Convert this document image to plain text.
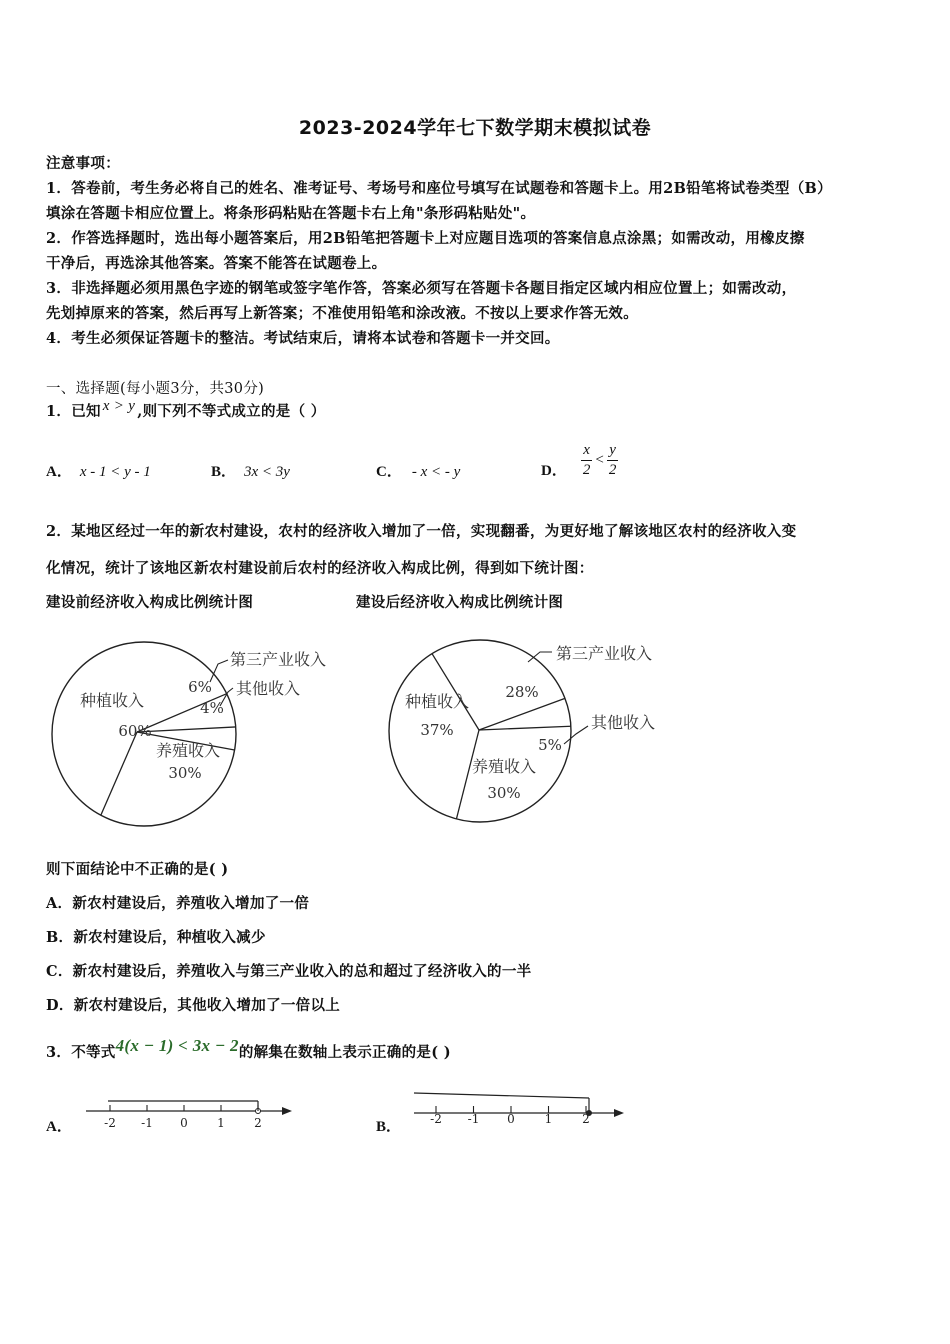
2023-2024学年七下数学期末模拟试卷
注意事项：
1．答卷前，考生务必将自己的姓名、准考证号、考场号和座位号填写在试题卷和答题卡上。用2B铅笔将试卷类型（B）
填涂在答题卡相应位置上。将条形码粘贴在答题卡右上角"条形码粘贴处"。
2．作答选择题时，选出每小题答案后，用2B铅笔把答题卡上对应题目选项的答案信息点涂黑；如需改动，用橡皮擦
干净后，再选涂其他答案。答案不能答在试题卷上。
3．非选择题必须用黑色字迹的钢笔或签字笔作答，答案必须写在答题卡各题目指定区域内相应位置上；如需改动，
先划掉原来的答案，然后再写上新答案；不准使用铅笔和涂改液。不按以上要求作答无效。
4．考生必须保证答题卡的整洁。考试结束后，请将本试卷和答题卡一并交回。
一、选择题(每小题3分，共30分)
1．已知 x > y ,则下列不等式成立的是（ ）
A． x - 1 < y - 1	B． 3x < 3y	C． - x < - y	D． $\frac{x}{2} < \frac{y}{2}$
2．某地区经过一年的新农村建设，农村的经济收入增加了一倍，实现翻番，为更好地了解该地区农村的经济收入变
化情况，统计了该地区新农村建设前后农村的经济收入构成比例，得到如下统计图：
建设前经济收入构成比例统计图	建设后经济收入构成比例统计图
种植收入
60%
养殖收入
30%
6%
4%
第三产业收入
其他收入
种植收入
37%
养殖收入
30%
28%
5%
第三产业收入
其他收入
则下面结论中不正确的是( )
A．新农村建设后，养殖收入增加了一倍
B．新农村建设后，种植收入减少
C．新农村建设后，养殖收入与第三产业收入的总和超过了经济收入的一半
D．新农村建设后，其他收入增加了一倍以上
3．不等式4(x − 1) < 3x − 2的解集在数轴上表示正确的是( )
A．	-2 -1 0 1 2	B． -2 -1 0 1 2
